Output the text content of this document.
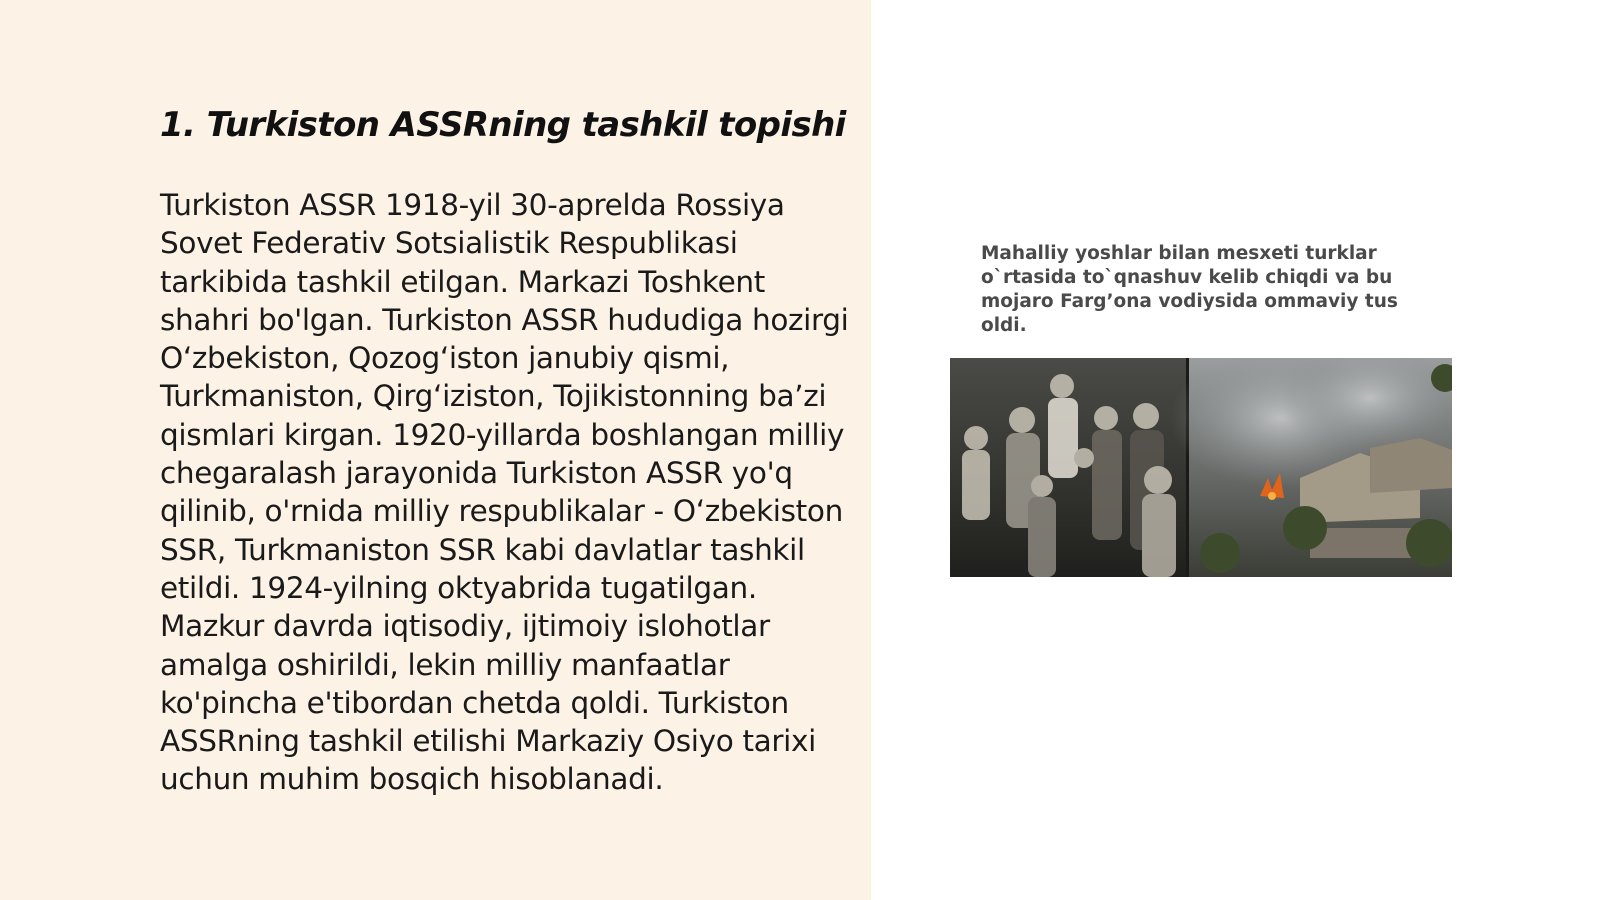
1. Turkiston ASSRning tashkil topishi

Turkiston ASSR 1918-yil 30-aprelda Rossiya Sovet Federativ Sotsialistik Respublikasi tarkibida tashkil etilgan. Markazi Toshkent shahri bo'lgan. Turkiston ASSR hududiga hozirgi O‘zbekiston, Qozog‘iston janubiy qismi, Turkmaniston, Qirg‘iziston, Tojikistonning ba’zi qismlari kirgan. 1920-yillarda boshlangan milliy chegaralash jarayonida Turkiston ASSR yo'q qilinib, o'rnida milliy respublikalar - O‘zbekiston SSR, Turkmaniston SSR kabi davlatlar tashkil etildi. 1924-yilning oktyabrida tugatilgan. Mazkur davrda iqtisodiy, ijtimoiy islohotlar amalga oshirildi, lekin milliy manfaatlar ko'pincha e'tibordan chetda qoldi. Turkiston ASSRning tashkil etilishi Markaziy Osiyo tarixi uchun muhim bosqich hisoblanadi.

Mahalliy yoshlar bilan mesxeti turklar o`rtasida to`qnashuv kelib chiqdi va bu mojaro Farg’ona vodiysida ommaviy tus oldi.
